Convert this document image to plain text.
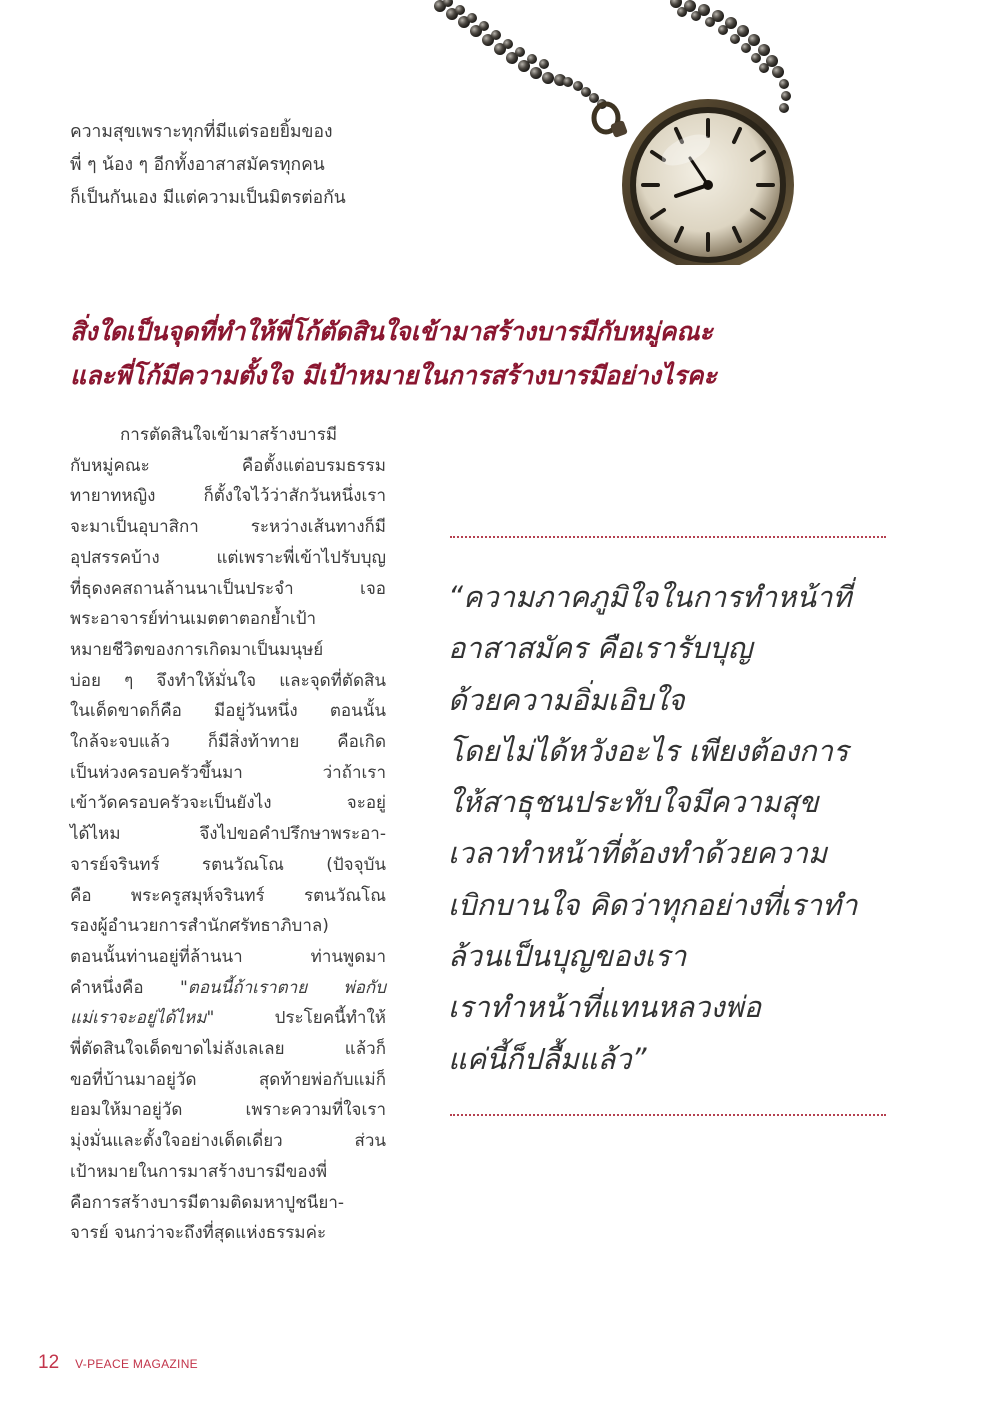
ความสุขเพราะทุกที่มีแต่รอยยิ้มของ
พี่ ๆ น้อง ๆ อีกทั้งอาสาสมัครทุกคน
ก็เป็นกันเอง มีแต่ความเป็นมิตรต่อกัน
สิ่งใดเป็นจุดที่ทำให้พี่โก้ตัดสินใจเข้ามาสร้างบารมีกับหมู่คณะ
และพี่โก้มีความตั้งใจ มีเป้าหมายในการสร้างบารมีอย่างไรคะ
การตัดสินใจเข้ามาสร้างบารมี
กับหมู่คณะ คือตั้งแต่อบรมธรรม
ทายาทหญิง ก็ตั้งใจไว้ว่าสักวันหนึ่งเรา
จะมาเป็นอุบาสิกา ระหว่างเส้นทางก็มี
อุปสรรคบ้าง แต่เพราะพี่เข้าไปรับบุญ
ที่ธุดงคสถานล้านนาเป็นประจำ เจอ
พระอาจารย์ท่านเมตตาตอกย้ำเป้า
หมายชีวิตของการเกิดมาเป็นมนุษย์
บ่อย ๆ จึงทำให้มั่นใจ และจุดที่ตัดสิน
ในเด็ดขาดก็คือ มีอยู่วันหนึ่ง ตอนนั้น
ใกล้จะจบแล้ว ก็มีสิ่งท้าทาย คือเกิด
เป็นห่วงครอบครัวขึ้นมา ว่าถ้าเรา
เข้าวัดครอบครัวจะเป็นยังไง จะอยู่
ได้ไหม จึงไปขอคำปรึกษาพระอา-
จารย์จรินทร์ รตนวัณโณ (ปัจจุบัน
คือ พระครูสมุห์จรินทร์ รตนวัณโณ
รองผู้อำนวยการสำนักศรัทธาภิบาล)
ตอนนั้นท่านอยู่ที่ล้านนา ท่านพูดมา
คำหนึ่งคือ "ตอนนี้ถ้าเราตาย พ่อกับ
แม่เราจะอยู่ได้ไหม" ประโยคนี้ทำให้
พี่ตัดสินใจเด็ดขาดไม่ลังเลเลย แล้วก็
ขอที่บ้านมาอยู่วัด สุดท้ายพ่อกับแม่ก็
ยอมให้มาอยู่วัด เพราะความที่ใจเรา
มุ่งมั่นและตั้งใจอย่างเด็ดเดี่ยว ส่วน
เป้าหมายในการมาสร้างบารมีของพี่
คือการสร้างบารมีตามติดมหาปูชนียา-
จารย์ จนกว่าจะถึงที่สุดแห่งธรรมค่ะ
“ความภาคภูมิใจในการทำหน้าที่
อาสาสมัคร คือเรารับบุญ
ด้วยความอิ่มเอิบใจ
โดยไม่ได้หวังอะไร เพียงต้องการ
ให้สาธุชนประทับใจมีความสุข
เวลาทำหน้าที่ต้องทำด้วยความ
เบิกบานใจ คิดว่าทุกอย่างที่เราทำ
ล้วนเป็นบุญของเรา
เราทำหน้าที่แทนหลวงพ่อ
แค่นี้ก็ปลื้มแล้ว”
12 V-PEACE MAGAZINE
